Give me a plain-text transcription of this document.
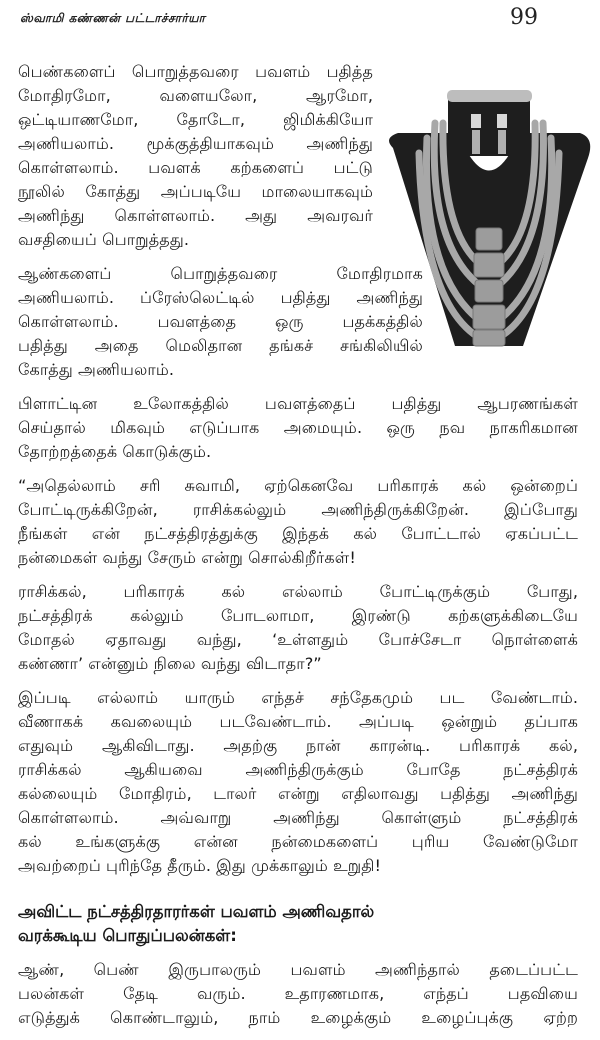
ஸ்வாமி கண்ணன் பட்டாச்சார்யா	99

பெண்களைப் பொறுத்தவரை பவளம் பதித்த
மோதிரமோ, வளையலோ, ஆரமோ,
ஒட்டியாணமோ, தோடோ, ஜிமிக்கியோ
அணியலாம். மூக்குத்தியாகவும் அணிந்து
கொள்ளலாம். பவளக் கற்களைப் பட்டு
நூலில் கோத்து அப்படியே மாலையாகவும்
அணிந்து கொள்ளலாம். அது அவரவர்
வசதியைப் பொறுத்தது.

ஆண்களைப் பொறுத்தவரை மோதிரமாக
அணியலாம். ப்ரேஸ்லெட்டில் பதித்து அணிந்து
கொள்ளலாம். பவளத்தை ஒரு பதக்கத்தில்
பதித்து அதை மெலிதான தங்கச் சங்கிலியில்
கோத்து அணியலாம்.

பிளாட்டின உலோகத்தில் பவளத்தைப் பதித்து ஆபரணங்கள்
செய்தால் மிகவும் எடுப்பாக அமையும். ஒரு நவ நாகரிகமான
தோற்றத்தைக் கொடுக்கும்.

“அதெல்லாம் சரி சுவாமி, ஏற்கெனவே பரிகாரக் கல் ஒன்றைப்
போட்டிருக்கிறேன், ராசிக்கல்லும் அணிந்திருக்கிறேன். இப்போது
நீங்கள் என் நட்சத்திரத்துக்கு இந்தக் கல் போட்டால் ஏகப்பட்ட
நன்மைகள் வந்து சேரும் என்று சொல்கிறீர்கள்!

ராசிக்கல், பரிகாரக் கல் எல்லாம் போட்டிருக்கும் போது,
நட்சத்திரக் கல்லும் போடலாமா, இரண்டு கற்களுக்கிடையே
மோதல் ஏதாவது வந்து, ‘உள்ளதும் போச்சேடா நொள்ளைக்
கண்ணா’ என்னும் நிலை வந்து விடாதா?”

இப்படி எல்லாம் யாரும் எந்தச் சந்தேகமும் பட வேண்டாம்.
வீணாகக் கவலையும் படவேண்டாம். அப்படி ஒன்றும் தப்பாக
எதுவும் ஆகிவிடாது. அதற்கு நான் காரன்டி. பரிகாரக் கல்,
ராசிக்கல் ஆகியவை அணிந்திருக்கும் போதே நட்சத்திரக்
கல்லையும் மோதிரம், டாலர் என்று எதிலாவது பதித்து அணிந்து
கொள்ளலாம். அவ்வாறு அணிந்து கொள்ளும் நட்சத்திரக்
கல் உங்களுக்கு என்ன நன்மைகளைப் புரிய வேண்டுமோ
அவற்றைப் புரிந்தே தீரும். இது முக்காலும் உறுதி!

அவிட்ட நட்சத்திரதாரர்கள் பவளம் அணிவதால்
வரக்கூடிய பொதுப்பலன்கள்:

ஆண், பெண் இருபாலரும் பவளம் அணிந்தால் தடைப்பட்ட
பலன்கள் தேடி வரும். உதாரணமாக, எந்தப் பதவியை
எடுத்துக் கொண்டாலும், நாம் உழைக்கும் உழைப்புக்கு ஏற்ற
